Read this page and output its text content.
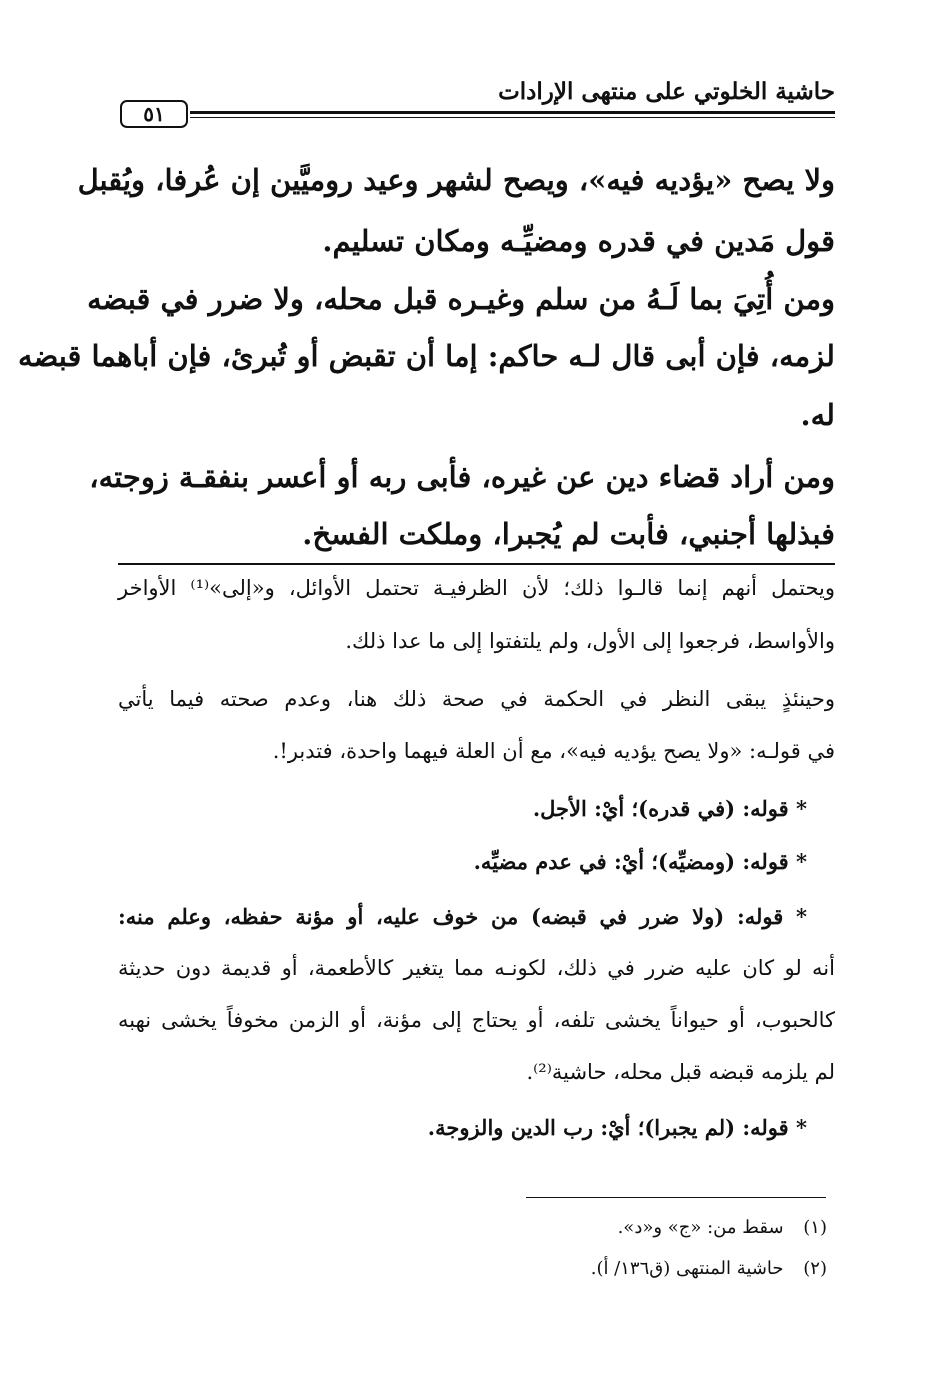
حاشية الخلوتي على منتهى الإرادات
٥١
ولا يصح «يؤديه فيه»، ويصح لشهر وعيد روميَّين إن عُرفا، ويُقبل
قول مَدين في قدره ومضيِّـه ومكان تسليم.
ومن أُتِيَ بما لَـهُ من سلم وغيـره قبل محله، ولا ضرر في قبضه
لزمه، فإن أبى قال لـه حاكم: إما أن تقبض أو تُبرئ، فإن أباهما قبضه
له.
ومن أراد قضاء دين عن غيره، فأبى ربه أو أعسر بنفقـة زوجته،
فبذلها أجنبي، فأبت لم يُجبرا، وملكت الفسخ.
ويحتمل أنهم إنما قالـوا ذلك؛ لأن الظرفيـة تحتمل الأوائل، و«إلى»⁽¹⁾ الأواخر
والأواسط، فرجعوا إلى الأول، ولم يلتفتوا إلى ما عدا ذلك.
وحينئذٍ يبقى النظر في الحكمة في صحة ذلك هنا، وعدم صحته فيما يأتي
في قولـه: «ولا يصح يؤديه فيه»، مع أن العلة فيهما واحدة، فتدبر!.
* قوله: (في قدره)؛ أيْ: الأجل.
* قوله: (ومضيِّه)؛ أيْ: في عدم مضيِّه.
* قوله: (ولا ضرر في قبضه) من خوف عليه، أو مؤنة حفظه، وعلم منه:
أنه لو كان عليه ضرر في ذلك، لكونـه مما يتغير كالأطعمة، أو قديمة دون حديثة
كالحبوب، أو حيواناً يخشى تلفه، أو يحتاج إلى مؤنة، أو الزمن مخوفاً يخشى نهبه
لم يلزمه قبضه قبل محله، حاشية⁽²⁾.
* قوله: (لم يجبرا)؛ أيْ: رب الدين والزوجة.
(١) سقط من: «ج» و«د».
(٢) حاشية المنتهى (ق١٣٦/ أ).
